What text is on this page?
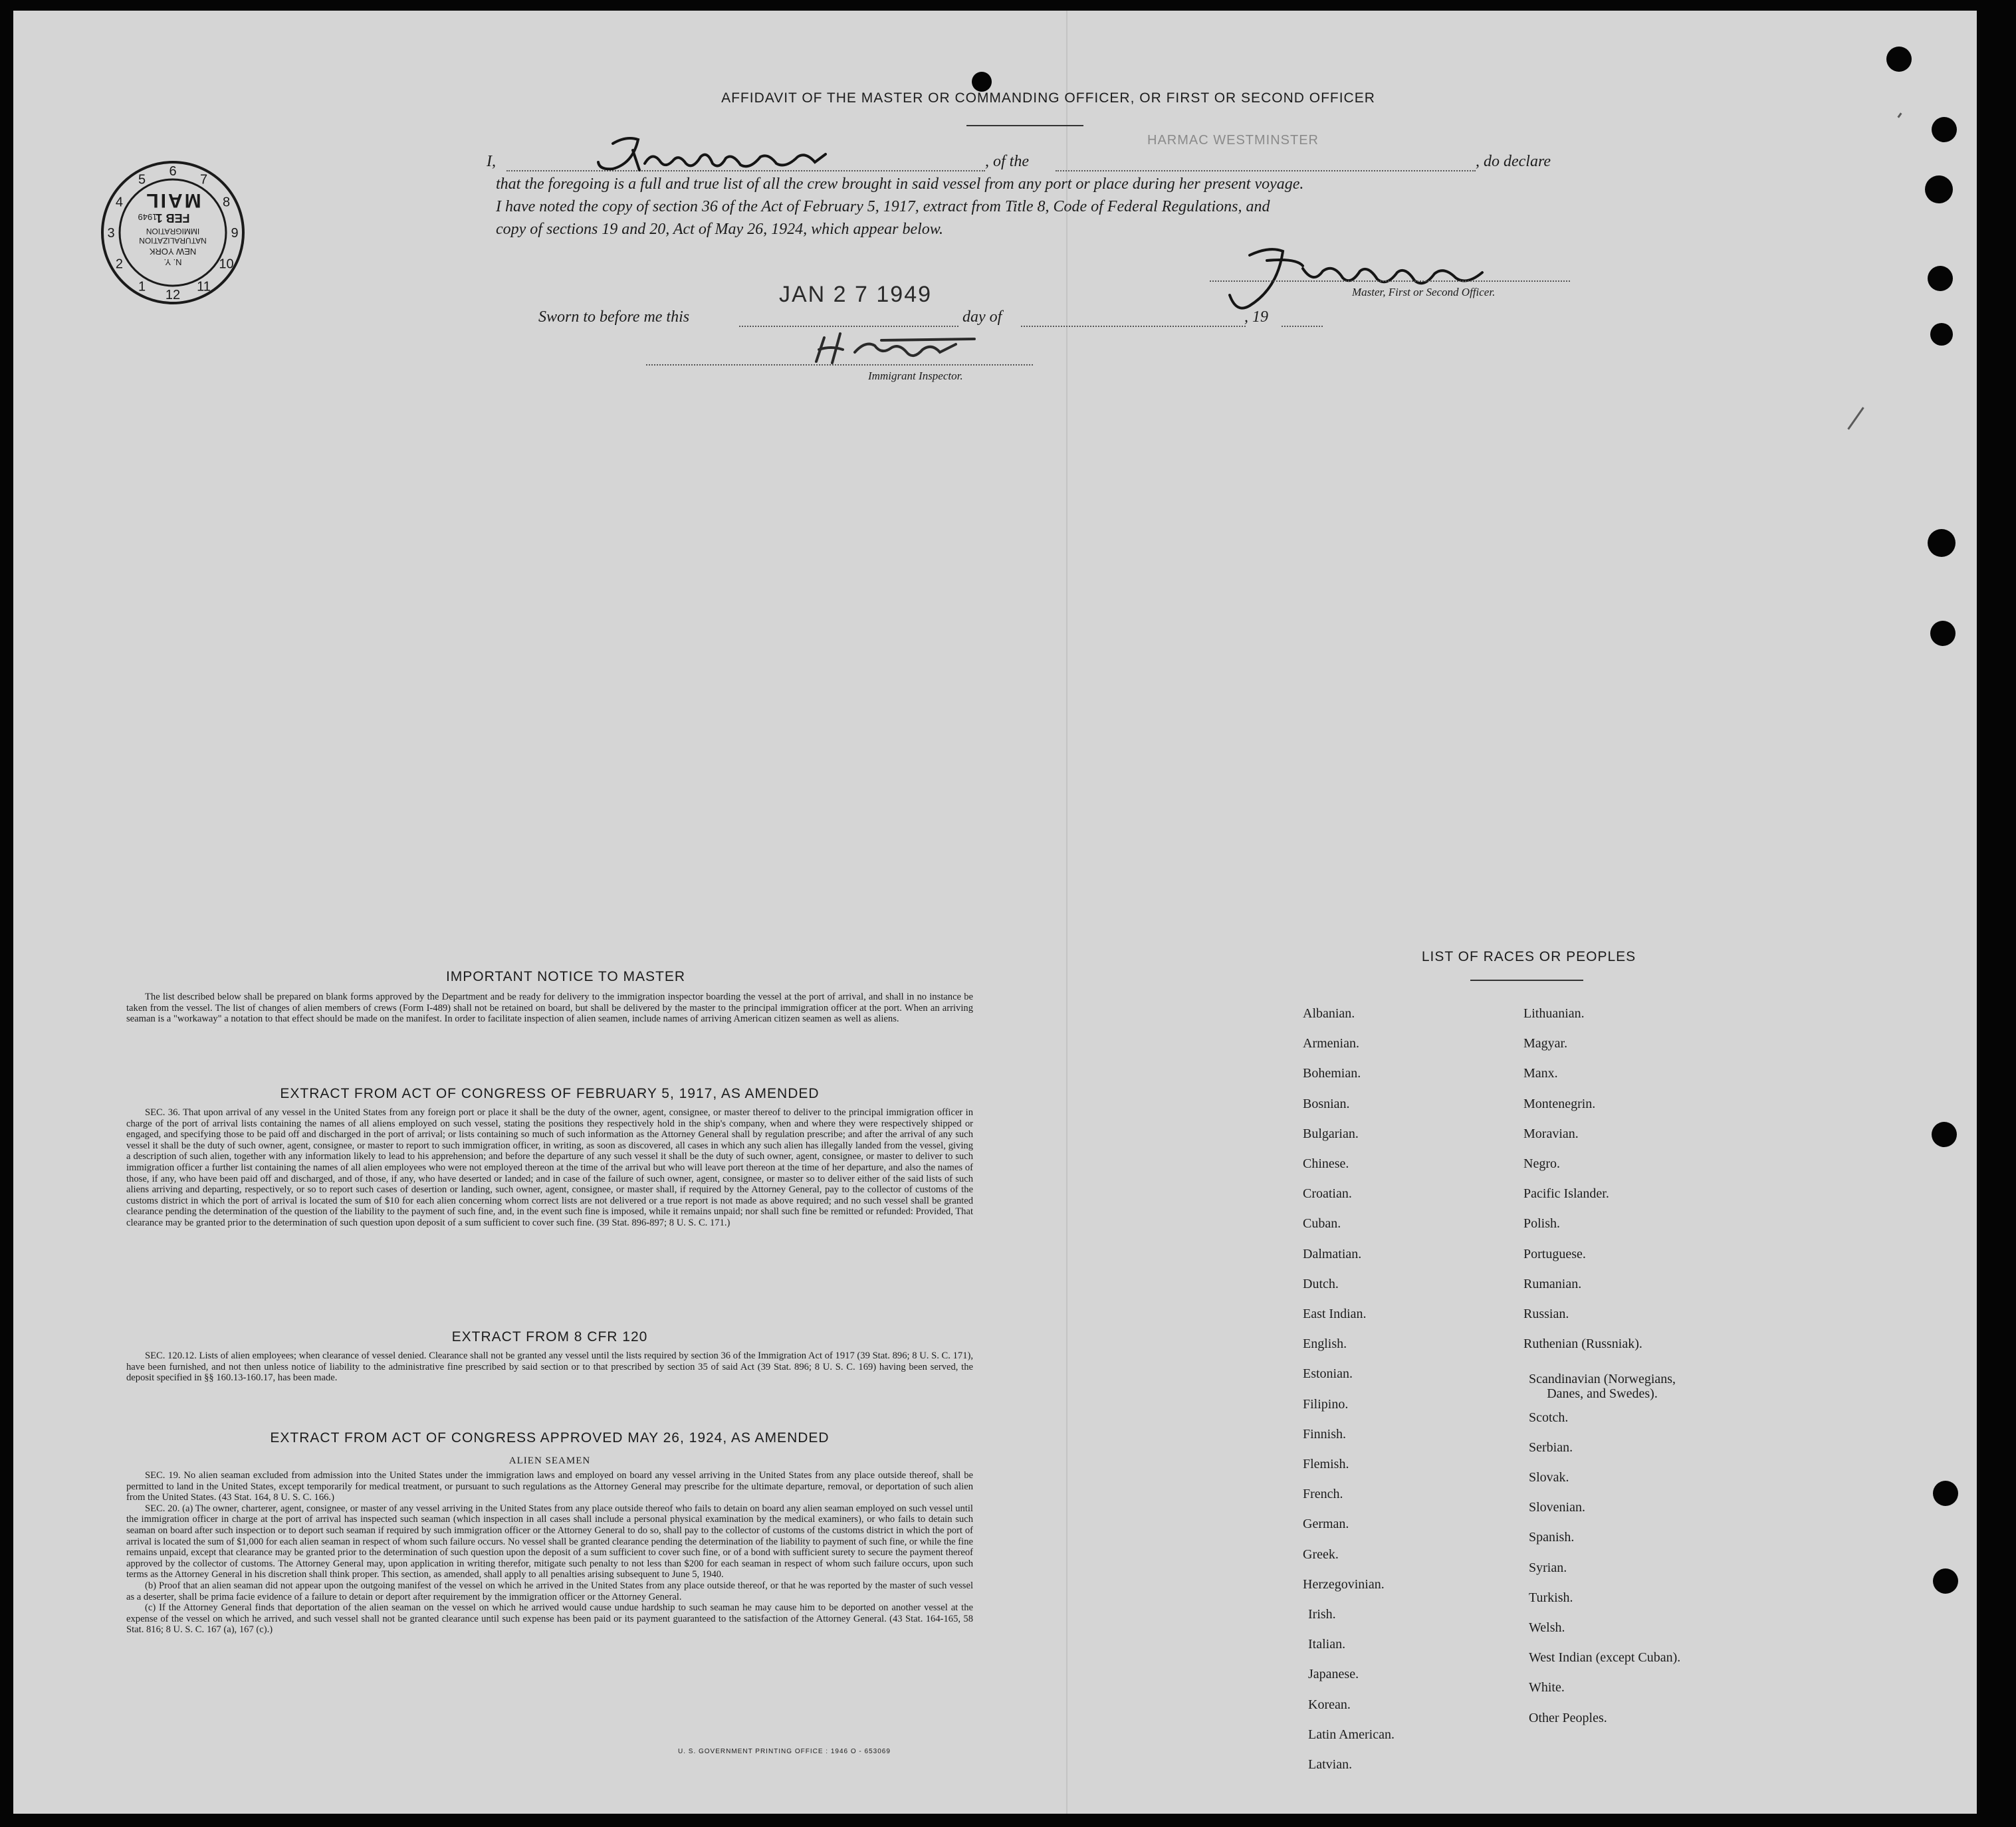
AFFIDAVIT OF THE MASTER OR COMMANDING OFFICER, OR FIRST OR SECOND OFFICER
I,	, of the
HARMAC WESTMINSTER
, do declare
that the foregoing is a full and true list of all the crew brought in said vessel from any port or place during her present voyage.
I have noted the copy of section 36 of the Act of February 5, 1917, extract from Title 8, Code of Federal Regulations, and
copy of sections 19 and 20, Act of May 26, 1924, which appear below.
Master, First or Second Officer.
Sworn to before me this
JAN 2 7 1949
day of	, 19
Immigrant Inspector.
1
2
3
4
5
6
7
8
9
10
11
12
N. Y.
NEW YORK
NATURALIZATION
IMMIGRATION
FEB 1
1949
MAIL
IMPORTANT NOTICE TO MASTER
The list described below shall be prepared on blank forms approved by the Department and be ready for delivery to the immigration inspector boarding the vessel at the port of arrival, and shall in no instance be taken from the vessel. The list of changes of alien members of crews (Form I-489) shall not be retained on board, but shall be delivered by the master to the principal immigration officer at the port. When an arriving seaman is a "workaway" a notation to that effect should be made on the manifest. In order to facilitate inspection of alien seamen, include names of arriving American citizen seamen as well as aliens.
EXTRACT FROM ACT OF CONGRESS OF FEBRUARY 5, 1917, AS AMENDED
SEC. 36. That upon arrival of any vessel in the United States from any foreign port or place it shall be the duty of the owner, agent, consignee, or master thereof to deliver to the principal immigration officer in charge of the port of arrival lists containing the names of all aliens employed on such vessel, stating the positions they respectively hold in the ship's company, when and where they were respectively shipped or engaged, and specifying those to be paid off and discharged in the port of arrival; or lists containing so much of such information as the Attorney General shall by regulation prescribe; and after the arrival of any such vessel it shall be the duty of such owner, agent, consignee, or master to report to such immigration officer, in writing, as soon as discovered, all cases in which any such alien has illegally landed from the vessel, giving a description of such alien, together with any information likely to lead to his apprehension; and before the departure of any such vessel it shall be the duty of such owner, agent, consignee, or master to deliver to such immigration officer a further list containing the names of all alien employees who were not employed thereon at the time of the arrival but who will leave port thereon at the time of her departure, and also the names of those, if any, who have been paid off and discharged, and of those, if any, who have deserted or landed; and in case of the failure of such owner, agent, consignee, or master so to deliver either of the said lists of such aliens arriving and departing, respectively, or so to report such cases of desertion or landing, such owner, agent, consignee, or master shall, if required by the Attorney General, pay to the collector of customs of the customs district in which the port of arrival is located the sum of $10 for each alien concerning whom correct lists are not delivered or a true report is not made as above required; and no such vessel shall be granted clearance pending the determination of the question of the liability to the payment of such fine, and, in the event such fine is imposed, while it remains unpaid; nor shall such fine be remitted or refunded: Provided, That clearance may be granted prior to the determination of such question upon deposit of a sum sufficient to cover such fine. (39 Stat. 896-897; 8 U. S. C. 171.)
EXTRACT FROM 8 CFR 120
SEC. 120.12. Lists of alien employees; when clearance of vessel denied. Clearance shall not be granted any vessel until the lists required by section 36 of the Immigration Act of 1917 (39 Stat. 896; 8 U. S. C. 171), have been furnished, and not then unless notice of liability to the administrative fine prescribed by said section or to that prescribed by section 35 of said Act (39 Stat. 896; 8 U. S. C. 169) having been served, the deposit specified in §§ 160.13-160.17, has been made.
EXTRACT FROM ACT OF CONGRESS APPROVED MAY 26, 1924, AS AMENDED
ALIEN SEAMEN

SEC. 19. No alien seaman excluded from admission into the United States under the immigration laws and employed on board any vessel arriving in the United States from any place outside thereof, shall be permitted to land in the United States, except temporarily for medical treatment, or pursuant to such regulations as the Attorney General may prescribe for the ultimate departure, removal, or deportation of such alien from the United States. (43 Stat. 164, 8 U. S. C. 166.)

SEC. 20. (a) The owner, charterer, agent, consignee, or master of any vessel arriving in the United States from any place outside thereof who fails to detain on board any alien seaman employed on such vessel until the immigration officer in charge at the port of arrival has inspected such seaman (which inspection in all cases shall include a personal physical examination by the medical examiners), or who fails to detain such seaman on board after such inspection or to deport such seaman if required by such immigration officer or the Attorney General to do so, shall pay to the collector of customs of the customs district in which the port of arrival is located the sum of $1,000 for each alien seaman in respect of whom such failure occurs. No vessel shall be granted clearance pending the determination of the liability to payment of such fine, or while the fine remains unpaid, except that clearance may be granted prior to the determination of such question upon the deposit of a sum sufficient to cover such fine, or of a bond with sufficient surety to secure the payment thereof approved by the collector of customs. The Attorney General may, upon application in writing therefor, mitigate such penalty to not less than $200 for each seaman in respect of whom such failure occurs, upon such terms as the Attorney General in his discretion shall think proper. This section, as amended, shall apply to all penalties arising subsequent to June 5, 1940.

(b) Proof that an alien seaman did not appear upon the outgoing manifest of the vessel on which he arrived in the United States from any place outside thereof, or that he was reported by the master of such vessel as a deserter, shall be prima facie evidence of a failure to detain or deport after requirement by the immigration officer or the Attorney General.

(c) If the Attorney General finds that deportation of the alien seaman on the vessel on which he arrived would cause undue hardship to such seaman he may cause him to be deported on another vessel at the expense of the vessel on which he arrived, and such vessel shall not be granted clearance until such expense has been paid or its payment guaranteed to the satisfaction of the Attorney General. (43 Stat. 164-165, 58 Stat. 816; 8 U. S. C. 167 (a), 167 (c).)

U. S. GOVERNMENT PRINTING OFFICE : 1946 O - 653069
LIST OF RACES OR PEOPLES
Albanian.
Armenian.
Bohemian.
Bosnian.
Bulgarian.
Chinese.
Croatian.
Cuban.
Dalmatian.
Dutch.
East Indian.
English.
Estonian.
Filipino.
Finnish.
Flemish.
French.
German.
Greek.
Herzegovinian.
Irish.
Italian.
Japanese.
Korean.
Latin American.
Latvian.
Lithuanian.
Magyar.
Manx.
Montenegrin.
Moravian.
Negro.
Pacific Islander.
Polish.
Portuguese.
Rumanian.
Russian.
Ruthenian (Russniak).
Scandinavian (Norwegians,
Danes, and Swedes).
Scotch.
Serbian.
Slovak.
Slovenian.
Spanish.
Syrian.
Turkish.
Welsh.
West Indian (except Cuban).
White.
Other Peoples.
